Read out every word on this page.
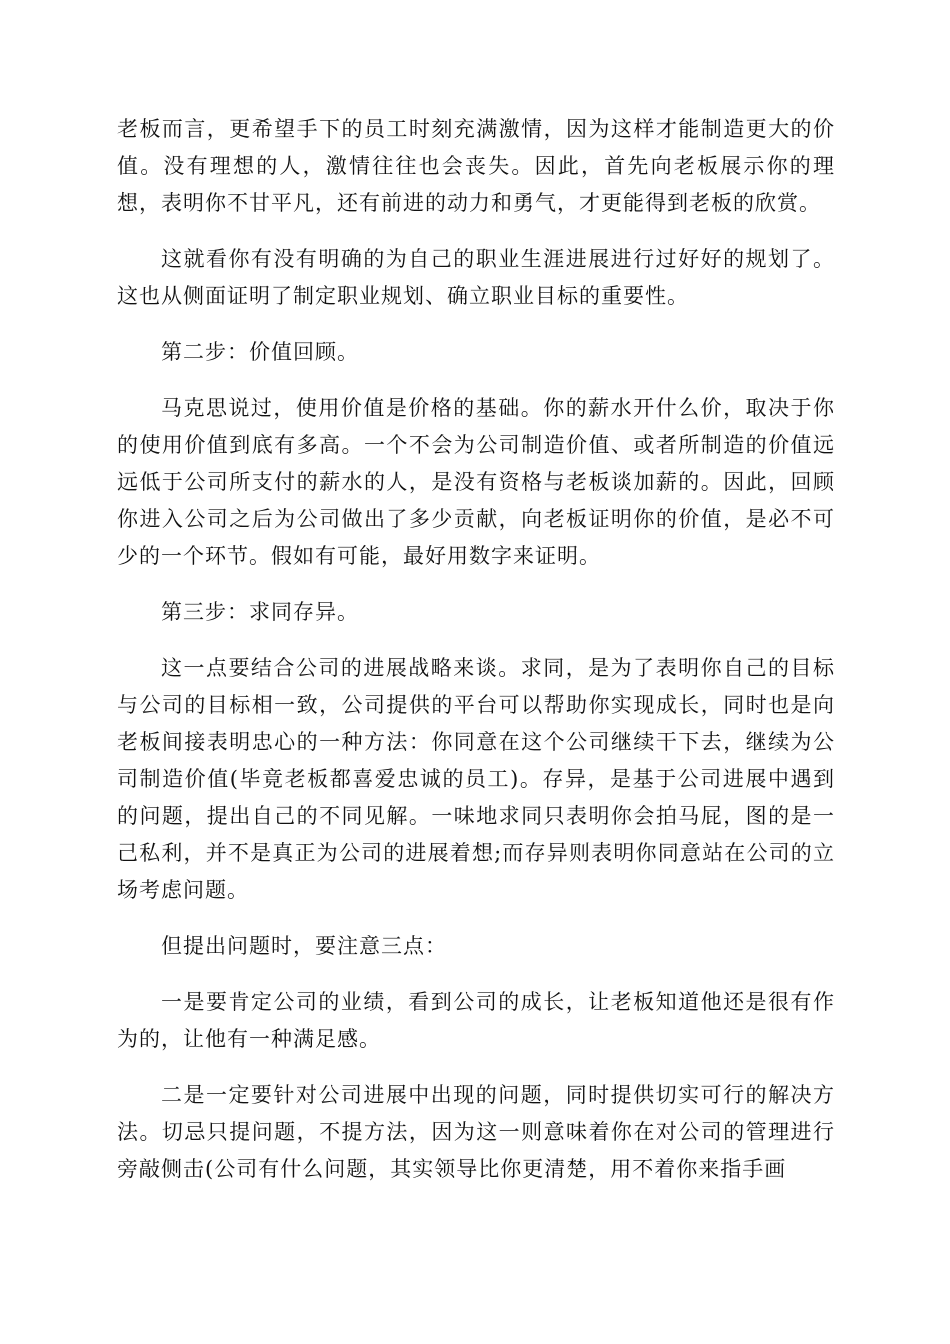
老板而言，更希望手下的员工时刻充满激情，因为这样才能制造更大的价值。没有理想的人，激情往往也会丧失。因此，首先向老板展示你的理想，表明你不甘平凡，还有前进的动力和勇气，才更能得到老板的欣赏。

这就看你有没有明确的为自己的职业生涯进展进行过好好的规划了。这也从侧面证明了制定职业规划、确立职业目标的重要性。

第二步：价值回顾。

马克思说过，使用价值是价格的基础。你的薪水开什么价，取决于你的使用价值到底有多高。一个不会为公司制造价值、或者所制造的价值远远低于公司所支付的薪水的人，是没有资格与老板谈加薪的。因此，回顾你进入公司之后为公司做出了多少贡献，向老板证明你的价值，是必不可少的一个环节。假如有可能，最好用数字来证明。

第三步：求同存异。

这一点要结合公司的进展战略来谈。求同，是为了表明你自己的目标与公司的目标相一致，公司提供的平台可以帮助你实现成长，同时也是向老板间接表明忠心的一种方法：你同意在这个公司继续干下去，继续为公司制造价值(毕竟老板都喜爱忠诚的员工)。存异，是基于公司进展中遇到的问题，提出自己的不同见解。一味地求同只表明你会拍马屁，图的是一己私利，并不是真正为公司的进展着想;而存异则表明你同意站在公司的立场考虑问题。

但提出问题时，要注意三点：

一是要肯定公司的业绩，看到公司的成长，让老板知道他还是很有作为的，让他有一种满足感。

二是一定要针对公司进展中出现的问题，同时提供切实可行的解决方法。切忌只提问题，不提方法，因为这一则意味着你在对公司的管理进行旁敲侧击(公司有什么问题，其实领导比你更清楚，用不着你来指手画
